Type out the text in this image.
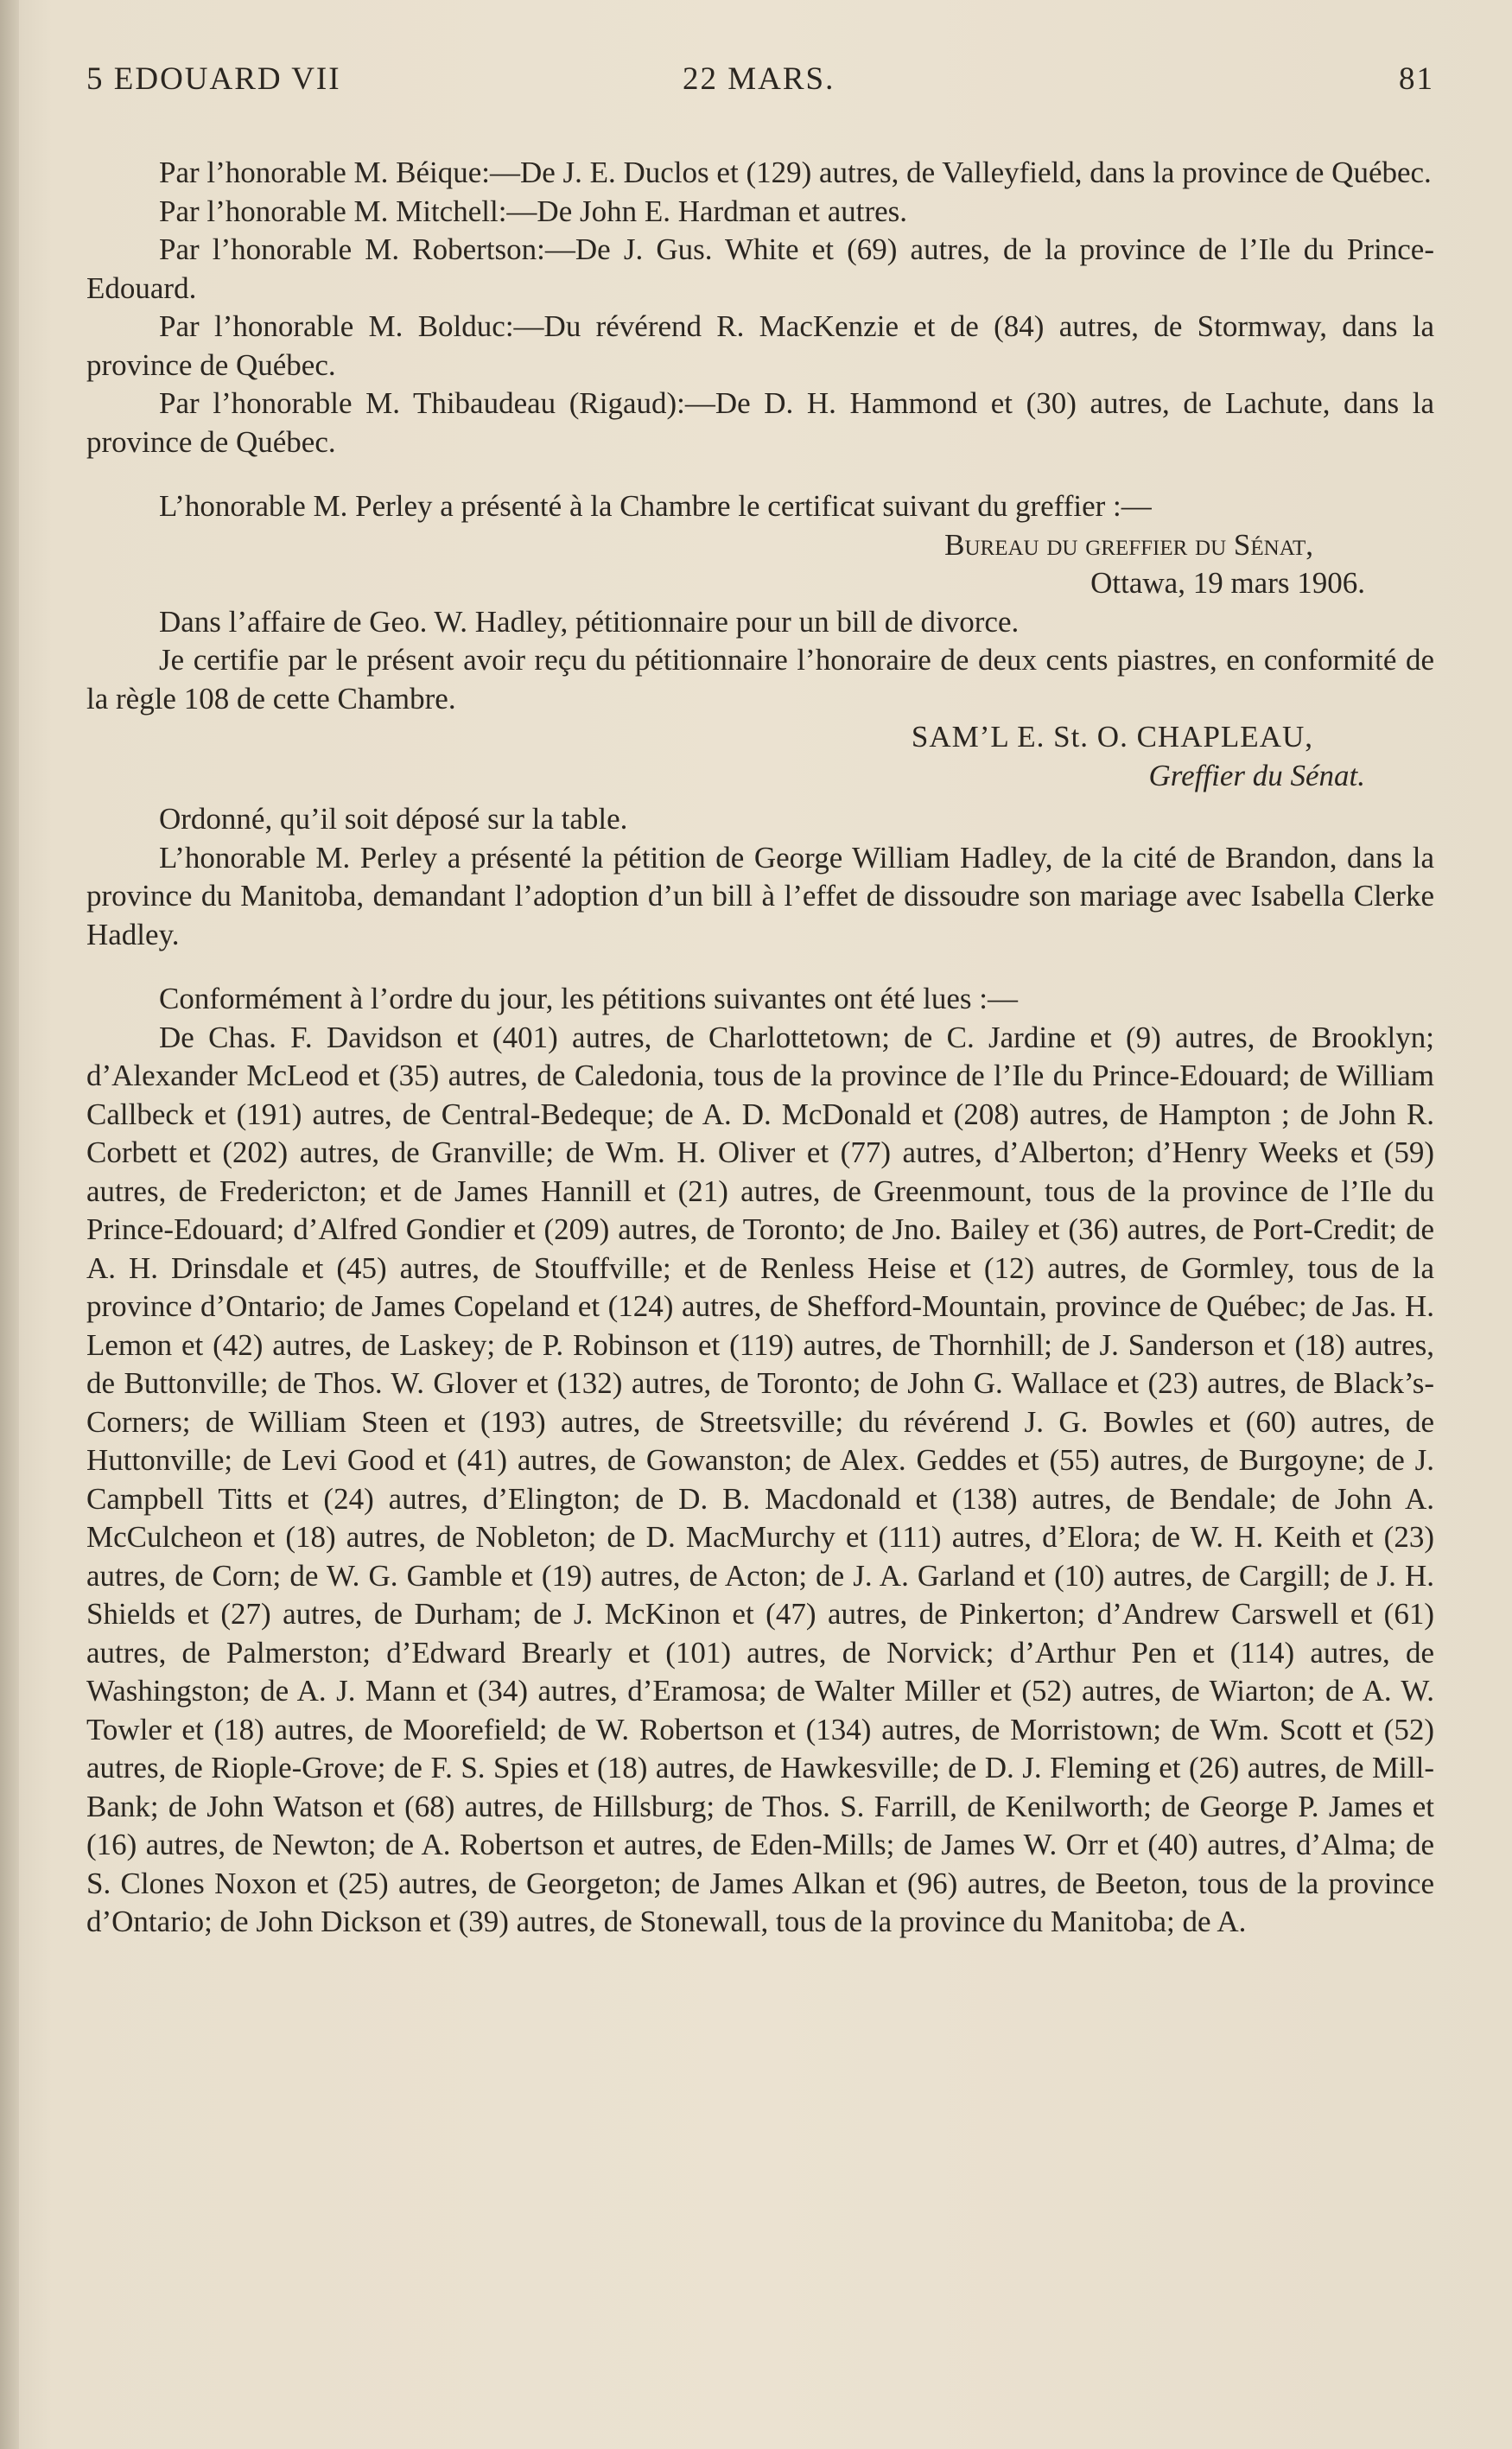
5 EDOUARD VII	22 MARS.	81

Par l’honorable M. Béique:—De J. E. Duclos et (129) autres, de Valleyfield, dans la province de Québec.

Par l’honorable M. Mitchell:—De John E. Hardman et autres.

Par l’honorable M. Robertson:—De J. Gus. White et (69) autres, de la province de l’Ile du Prince-Edouard.

Par l’honorable M. Bolduc:—Du révérend R. MacKenzie et de (84) autres, de Stormway, dans la province de Québec.

Par l’honorable M. Thibaudeau (Rigaud):—De D. H. Hammond et (30) autres, de Lachute, dans la province de Québec.

L’honorable M. Perley a présenté à la Chambre le certificat suivant du greffier :—

Bureau du greffier du Sénat,

Ottawa, 19 mars 1906.

Dans l’affaire de Geo. W. Hadley, pétitionnaire pour un bill de divorce.

Je certifie par le présent avoir reçu du pétitionnaire l’honoraire de deux cents piastres, en conformité de la règle 108 de cette Chambre.

SAM’L E. St. O. CHAPLEAU,

Greffier du Sénat.

Ordonné, qu’il soit déposé sur la table.

L’honorable M. Perley a présenté la pétition de George William Hadley, de la cité de Brandon, dans la province du Manitoba, demandant l’adoption d’un bill à l’effet de dissoudre son mariage avec Isabella Clerke Hadley.

Conformément à l’ordre du jour, les pétitions suivantes ont été lues :—

De Chas. F. Davidson et (401) autres, de Charlottetown; de C. Jardine et (9) autres, de Brooklyn; d’Alexander McLeod et (35) autres, de Caledonia, tous de la province de l’Ile du Prince-Edouard; de William Callbeck et (191) autres, de Central-Bedeque; de A. D. McDonald et (208) autres, de Hampton ; de John R. Corbett et (202) autres, de Granville; de Wm. H. Oliver et (77) autres, d’Alberton; d’Henry Weeks et (59) autres, de Fredericton; et de James Hannill et (21) autres, de Greenmount, tous de la province de l’Ile du Prince-Edouard; d’Alfred Gondier et (209) autres, de Toronto; de Jno. Bailey et (36) autres, de Port-Credit; de A. H. Drinsdale et (45) autres, de Stouffville; et de Renless Heise et (12) autres, de Gormley, tous de la province d’Ontario; de James Copeland et (124) autres, de Shefford-Mountain, province de Québec; de Jas. H. Lemon et (42) autres, de Laskey; de P. Robinson et (119) autres, de Thornhill; de J. Sanderson et (18) autres, de Buttonville; de Thos. W. Glover et (132) autres, de Toronto; de John G. Wallace et (23) autres, de Black’s-Corners; de William Steen et (193) autres, de Streetsville; du révérend J. G. Bowles et (60) autres, de Huttonville; de Levi Good et (41) autres, de Gowanston; de Alex. Geddes et (55) autres, de Burgoyne; de J. Campbell Titts et (24) autres, d’Elington; de D. B. Macdonald et (138) autres, de Bendale; de John A. McCulcheon et (18) autres, de Nobleton; de D. MacMurchy et (111) autres, d’Elora; de W. H. Keith et (23) autres, de Corn; de W. G. Gamble et (19) autres, de Acton; de J. A. Garland et (10) autres, de Cargill; de J. H. Shields et (27) autres, de Durham; de J. McKinon et (47) autres, de Pinkerton; d’Andrew Carswell et (61) autres, de Palmerston; d’Edward Brearly et (101) autres, de Norvick; d’Arthur Pen et (114) autres, de Washingston; de A. J. Mann et (34) autres, d’Eramosa; de Walter Miller et (52) autres, de Wiarton; de A. W. Towler et (18) autres, de Moorefield; de W. Robertson et (134) autres, de Morristown; de Wm. Scott et (52) autres, de Riople-Grove; de F. S. Spies et (18) autres, de Hawkesville; de D. J. Fleming et (26) autres, de Mill-Bank; de John Watson et (68) autres, de Hillsburg; de Thos. S. Farrill, de Kenilworth; de George P. James et (16) autres, de Newton; de A. Robertson et autres, de Eden-Mills; de James W. Orr et (40) autres, d’Alma; de S. Clones Noxon et (25) autres, de Georgeton; de James Alkan et (96) autres, de Beeton, tous de la province d’Ontario; de John Dickson et (39) autres, de Stonewall, tous de la province du Manitoba; de A.
